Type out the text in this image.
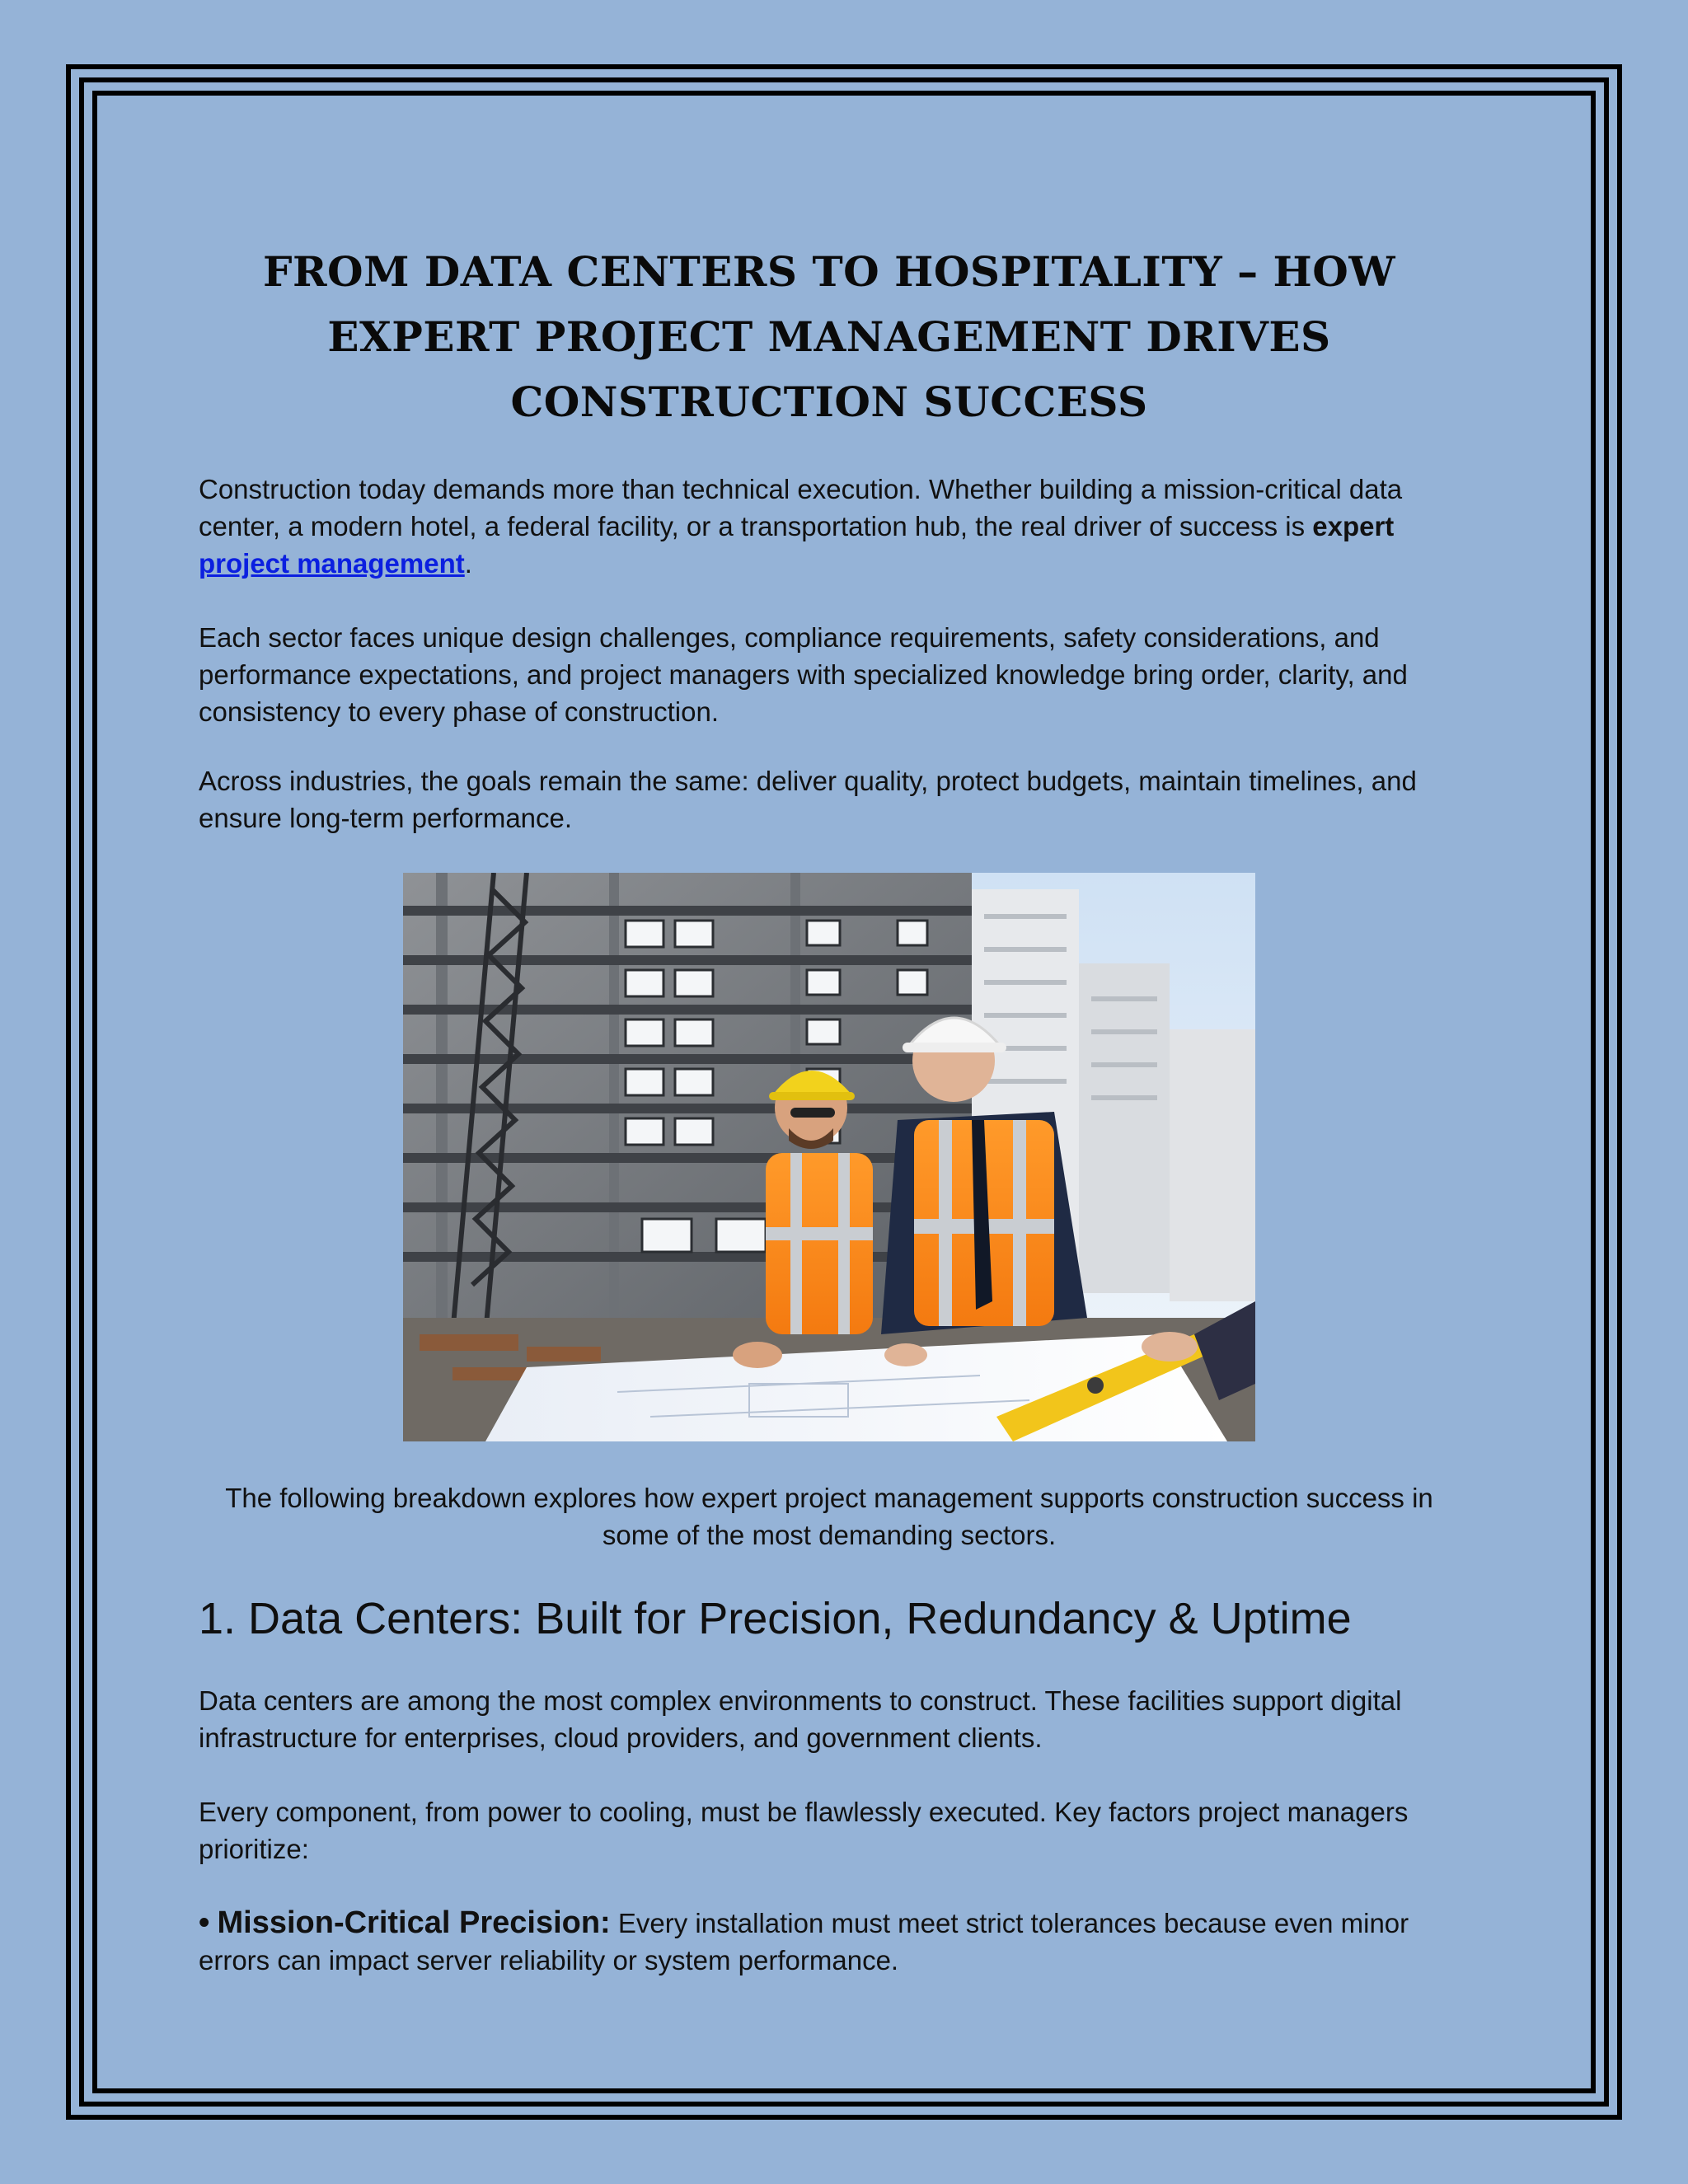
FROM DATA CENTERS TO HOSPITALITY – HOW EXPERT PROJECT MANAGEMENT DRIVES CONSTRUCTION SUCCESS

Construction today demands more than technical execution. Whether building a mission-critical data center, a modern hotel, a federal facility, or a transportation hub, the real driver of success is expert project management.

Each sector faces unique design challenges, compliance requirements, safety considerations, and performance expectations, and project managers with specialized knowledge bring order, clarity, and consistency to every phase of construction.

Across industries, the goals remain the same: deliver quality, protect budgets, maintain timelines, and ensure long-term performance.

The following breakdown explores how expert project management supports construction success in some of the most demanding sectors.

1. Data Centers: Built for Precision, Redundancy & Uptime

Data centers are among the most complex environments to construct. These facilities support digital infrastructure for enterprises, cloud providers, and government clients.

Every component, from power to cooling, must be flawlessly executed. Key factors project managers prioritize:

• Mission-Critical Precision: Every installation must meet strict tolerances because even minor errors can impact server reliability or system performance.
